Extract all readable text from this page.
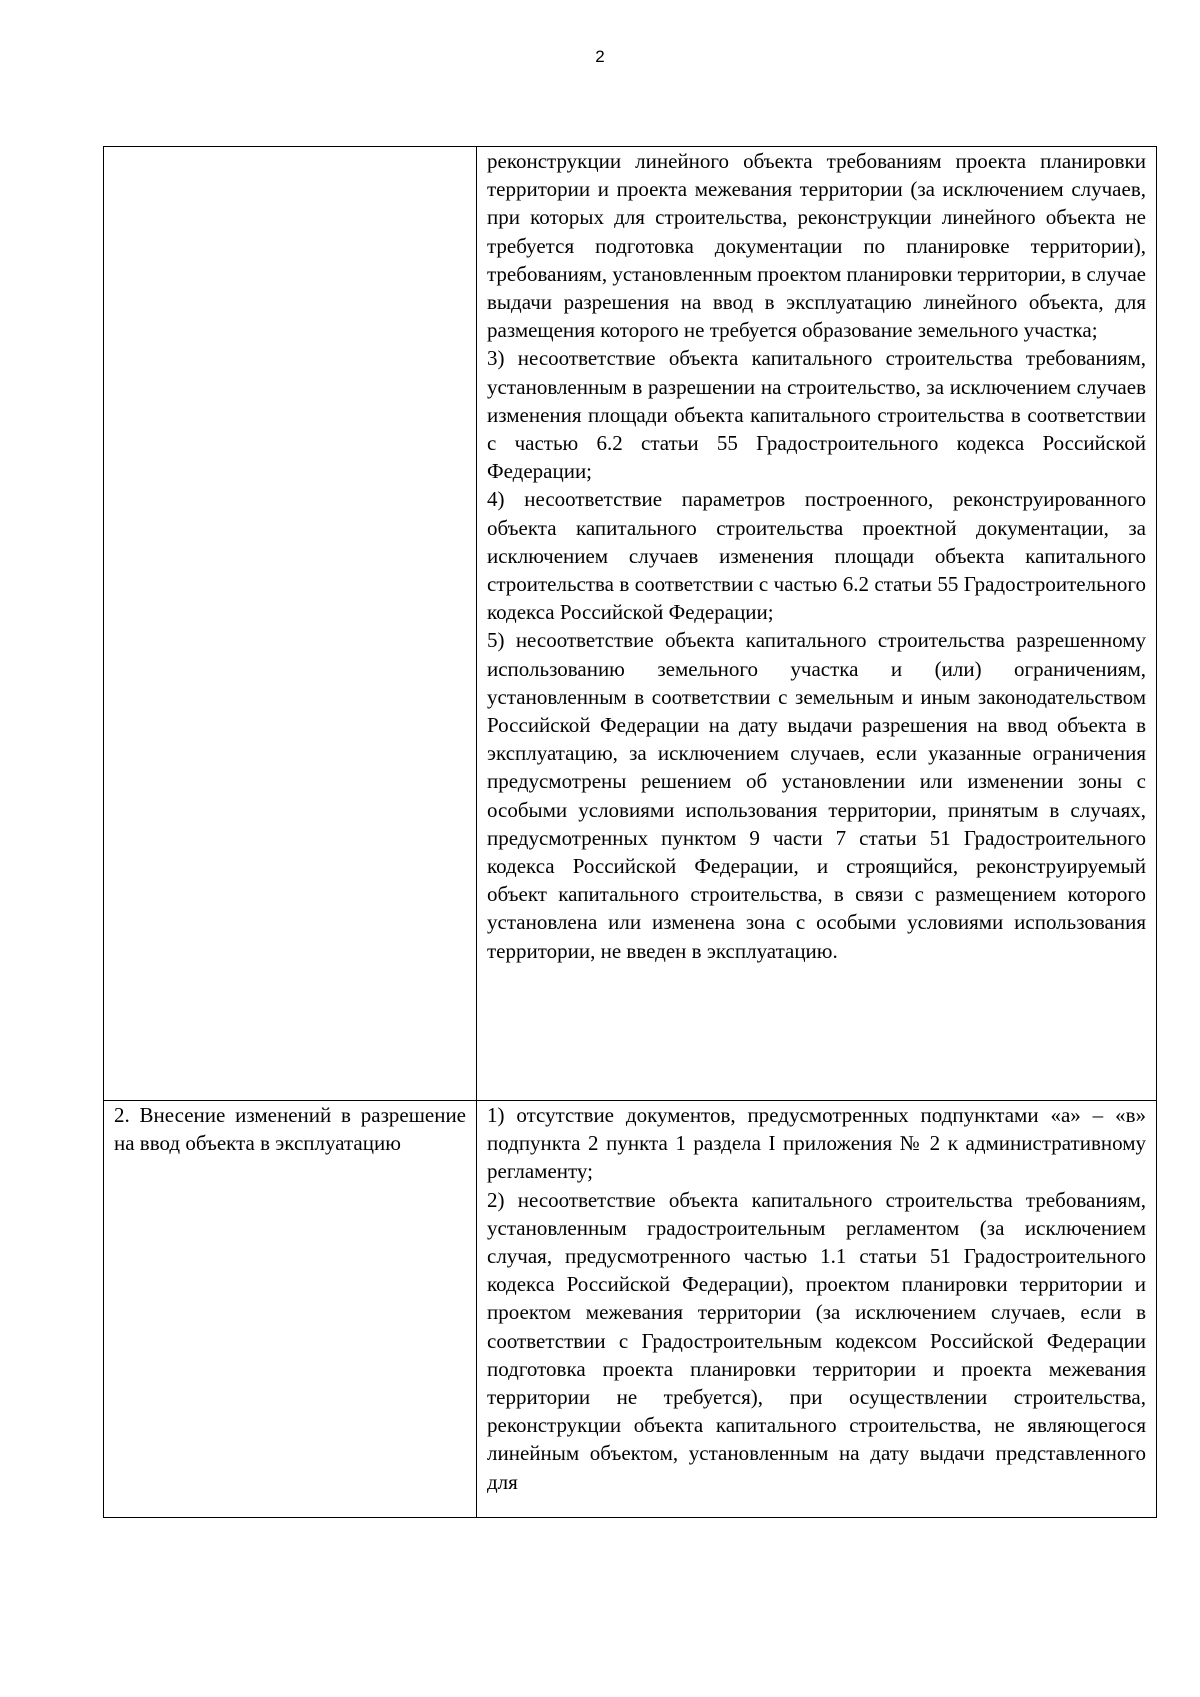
2

	реконструкции линейного объекта требованиям проекта планировки территории и проекта межевания территории (за исключением случаев, при которых для строительства, реконструкции линейного объекта не требуется подготовка документации по планировке территории), требованиям, установленным проектом планировки территории, в случае выдачи разрешения на ввод в эксплуатацию линейного объекта, для размещения которого не требуется образование земельного участка;

3) несоответствие объекта капитального строительства требованиям, установленным в разрешении на строительство, за исключением случаев изменения площади объекта капитального строительства в соответствии с частью 6.2 статьи 55 Градостроительного кодекса Российской Федерации;

4) несоответствие параметров построенного, реконструированного объекта капитального строительства проектной документации, за исключением случаев изменения площади объекта капитального строительства в соответствии с частью 6.2 статьи 55 Градостроительного кодекса Российской Федерации;

5) несоответствие объекта капитального строительства разрешенному использованию земельного участка и (или) ограничениям, установленным в соответствии с земельным и иным законодательством Российской Федерации на дату выдачи разрешения на ввод объекта в эксплуатацию, за исключением случаев, если указанные ограничения предусмотрены решением об установлении или изменении зоны с особыми условиями использования территории, принятым в случаях, предусмотренных пунктом 9 части 7 статьи 51 Градостроительного кодекса Российской Федерации, и строящийся, реконструируемый объект капитального строительства, в связи с размещением которого установлена или изменена зона с особыми условиями использования территории, не введен в эксплуатацию.

2. Внесение изменений в разрешение на ввод объекта в эксплуатацию	1) отсутствие документов, предусмотренных подпунктами «а» – «в» подпункта 2 пункта 1 раздела I приложения № 2 к административному регламенту;

2) несоответствие объекта капитального строительства требованиям, установленным градостроительным регламентом (за исключением случая, предусмотренного частью 1.1 статьи 51 Градостроительного кодекса Российской Федерации), проектом планировки территории и проектом межевания территории (за исключением случаев, если в соответствии с Градостроительным кодексом Российской Федерации подготовка проекта планировки территории и проекта межевания территории не требуется), при осуществлении строительства, реконструкции объекта капитального строительства, не являющегося линейным объектом, установленным на дату выдачи представленного для
